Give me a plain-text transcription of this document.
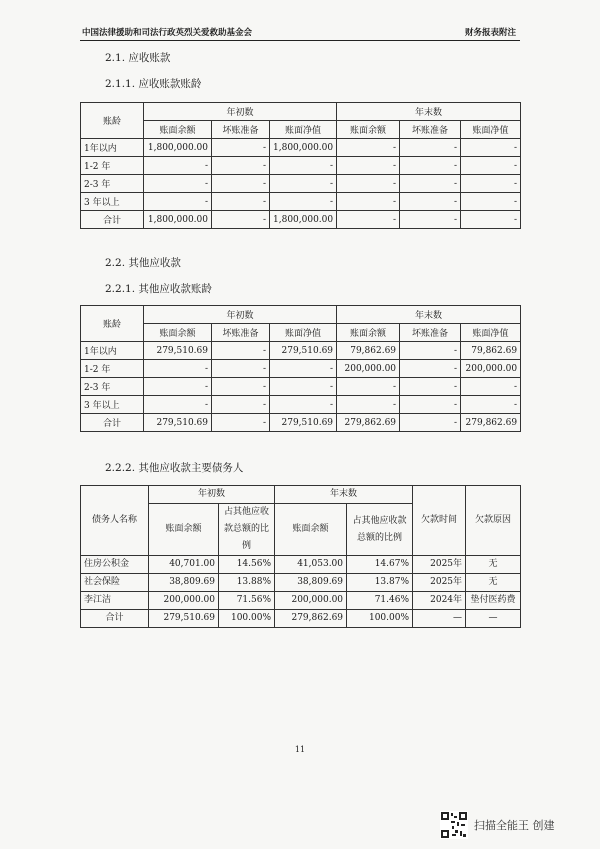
中国法律援助和司法行政英烈关爱救助基金会	财务报表附注
2.1. 应收账款
2.1.1. 应收账款账龄
账龄	年初数			年末数		
	账面余额	坏账准备	账面净值	账面余额	坏账准备	账面净值
1年以内	1,800,000.00	-	1,800,000.00	-	-	-
1-2 年	-	-	-	-	-	-
2-3 年	-	-	-	-	-	-
3 年以上	-	-	-	-	-	-
合计	1,800,000.00	-	1,800,000.00	-	-	-
2.2. 其他应收款
2.2.1. 其他应收款账龄
账龄	年初数			年末数		
	账面余额	坏账准备	账面净值	账面余额	坏账准备	账面净值
1年以内	279,510.69	-	279,510.69	79,862.69	-	79,862.69
1-2 年	-	-	-	200,000.00	-	200,000.00
2-3 年	-	-	-	-	-	-
3 年以上	-	-	-	-	-	-
合计	279,510.69	-	279,510.69	279,862.69	-	279,862.69
2.2.2. 其他应收款主要债务人
债务人名称	年初数		年末数		欠款时间	欠款原因
	账面余额	占其他应收款总额的比例	账面余额	占其他应收款总额的比例		
住房公积金	40,701.00	14.56%	41,053.00	14.67%	2025年	无
社会保险	38,809.69	13.88%	38,809.69	13.87%	2025年	无
李江洁	200,000.00	71.56%	200,000.00	71.46%	2024年	垫付医药费
合计	279,510.69	100.00%	279,862.69	100.00%	—	—
11
扫描全能王 创建
